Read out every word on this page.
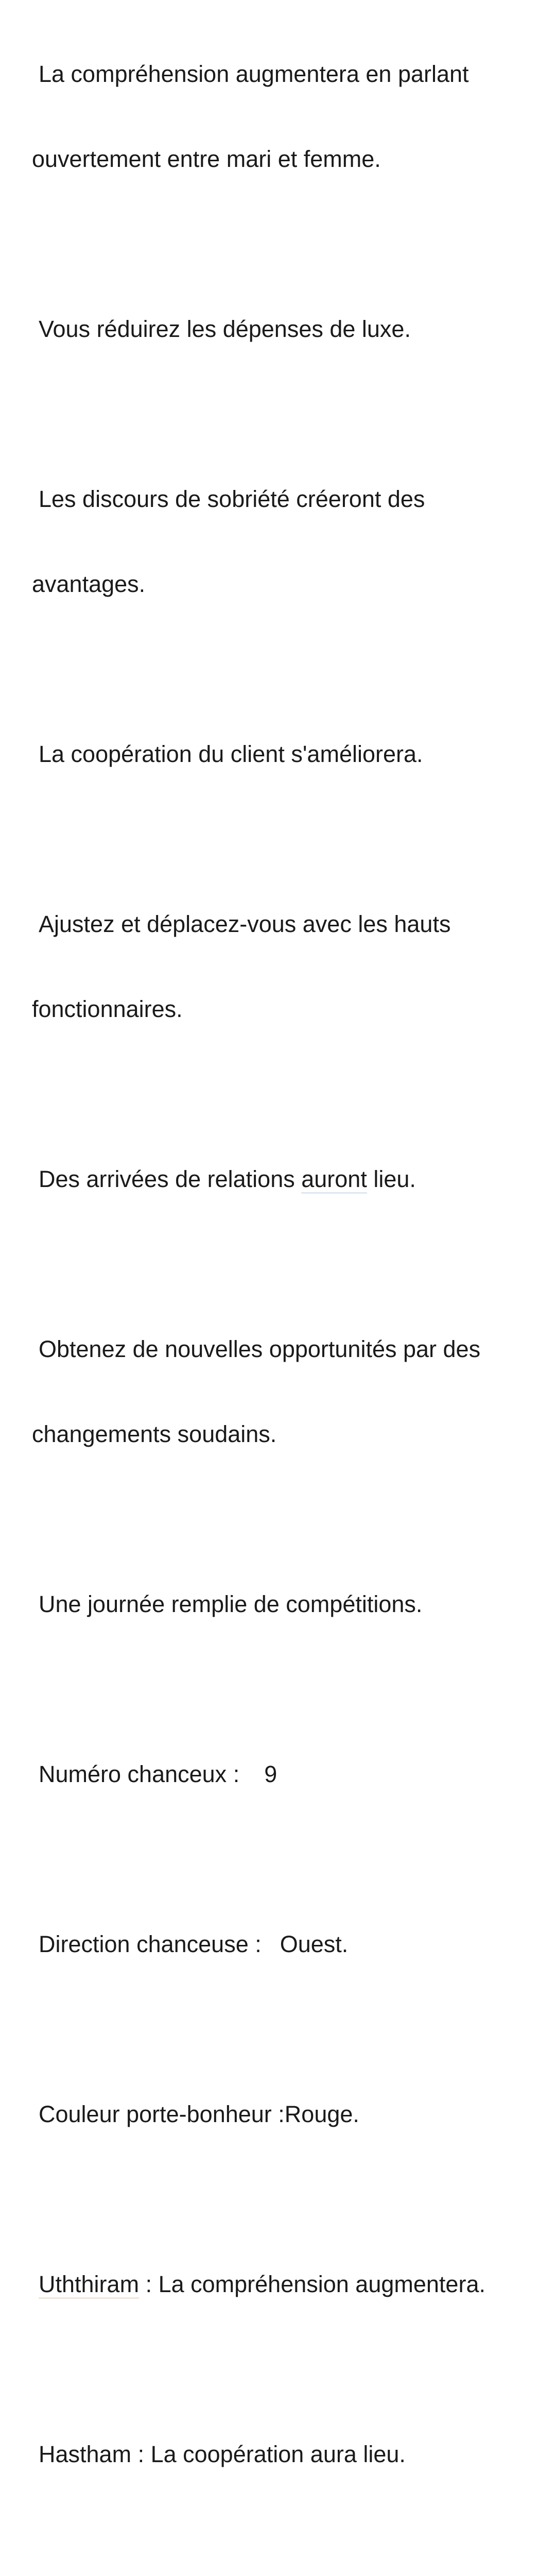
La compréhension augmentera en parlant

ouvertement entre mari et femme.

Vous réduirez les dépenses de luxe.

Les discours de sobriété créeront des

avantages.

La coopération du client s'améliorera.

Ajustez et déplacez-vous avec les hauts

fonctionnaires.

Des arrivées de relations auront lieu.

Obtenez de nouvelles opportunités par des

changements soudains.

Une journée remplie de compétitions.

Numéro chanceux : 9

Direction chanceuse : Ouest.

Couleur porte-bonheur :Rouge.

Uththiram : La compréhension augmentera.

Hastham : La coopération aura lieu.
